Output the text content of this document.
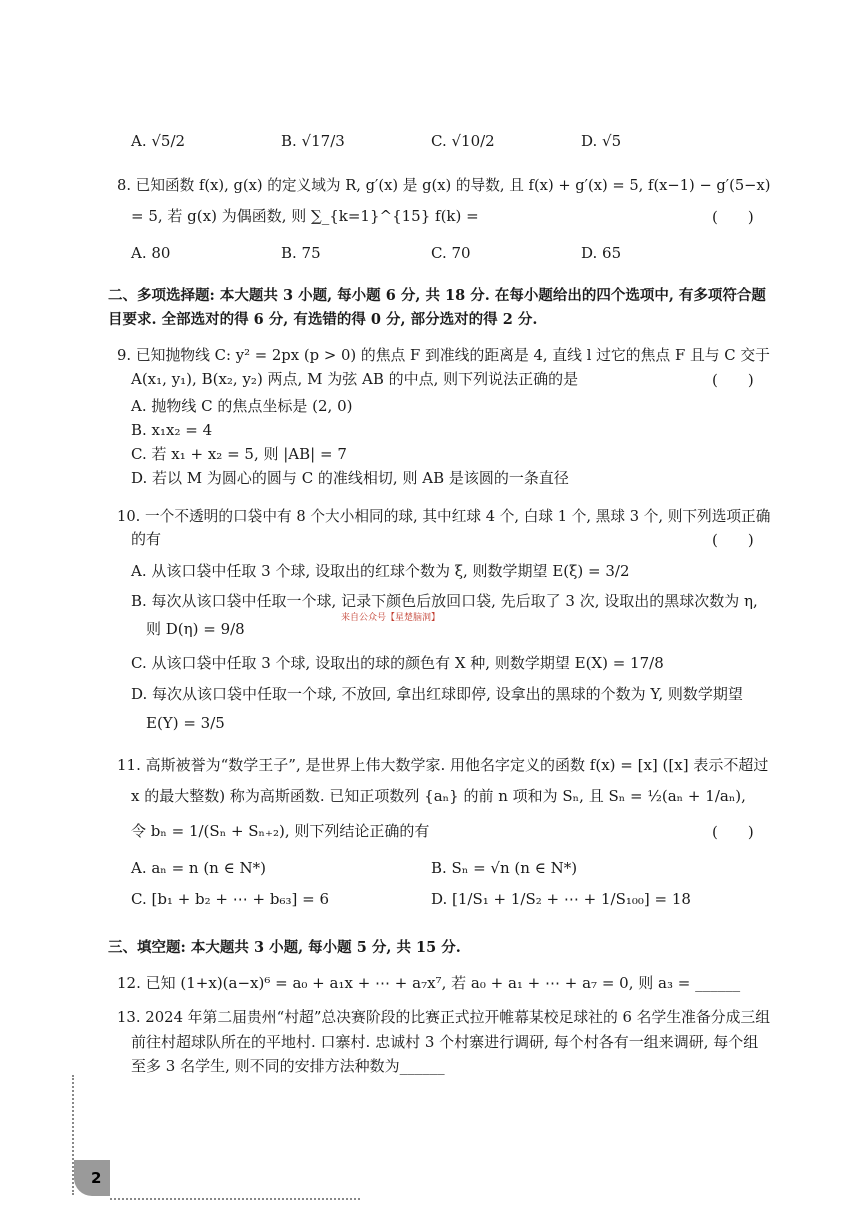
A. √5/2	B. √17/3	C. √10/2	D. √5
8. 已知函数 f(x), g(x) 的定义域为 R, g′(x) 是 g(x) 的导数, 且 f(x) + g′(x) = 5, f(x−1) − g′(5−x)
= 5, 若 g(x) 为偶函数, 则 ∑_{k=1}^{15} f(k) =	(　　)
A. 80	B. 75	C. 70	D. 65
二、多项选择题: 本大题共 3 小题, 每小题 6 分, 共 18 分. 在每小题给出的四个选项中, 有多项符合题
目要求. 全部选对的得 6 分, 有选错的得 0 分, 部分选对的得 2 分.
9. 已知抛物线 C: y² = 2px (p > 0) 的焦点 F 到准线的距离是 4, 直线 l 过它的焦点 F 且与 C 交于
A(x₁, y₁), B(x₂, y₂) 两点, M 为弦 AB 的中点, 则下列说法正确的是	(　　)
A. 抛物线 C 的焦点坐标是 (2, 0)
B. x₁x₂ = 4
C. 若 x₁ + x₂ = 5, 则 |AB| = 7
D. 若以 M 为圆心的圆与 C 的准线相切, 则 AB 是该圆的一条直径
10. 一个不透明的口袋中有 8 个大小相同的球, 其中红球 4 个, 白球 1 个, 黑球 3 个, 则下列选项正确
的有	(　　)
A. 从该口袋中任取 3 个球, 设取出的红球个数为 ξ, 则数学期望 E(ξ) = 3/2
B. 每次从该口袋中任取一个球, 记录下颜色后放回口袋, 先后取了 3 次, 设取出的黑球次数为 η,
则 D(η) = 9/8
来自公众号【星楚脑洞】
C. 从该口袋中任取 3 个球, 设取出的球的颜色有 X 种, 则数学期望 E(X) = 17/8
D. 每次从该口袋中任取一个球, 不放回, 拿出红球即停, 设拿出的黑球的个数为 Y, 则数学期望
E(Y) = 3/5
11. 高斯被誉为“数学王子”, 是世界上伟大数学家. 用他名字定义的函数 f(x) = [x] ([x] 表示不超过
x 的最大整数) 称为高斯函数. 已知正项数列 {aₙ} 的前 n 项和为 Sₙ, 且 Sₙ = ½(aₙ + 1/aₙ),
令 bₙ = 1/(Sₙ + Sₙ₊₂), 则下列结论正确的有	(　　)
A. aₙ = n (n ∈ N*)	B. Sₙ = √n (n ∈ N*)
C. [b₁ + b₂ + ⋯ + b₆₃] = 6	D. [1/S₁ + 1/S₂ + ⋯ + 1/S₁₀₀] = 18
三、填空题: 本大题共 3 小题, 每小题 5 分, 共 15 分.
12. 已知 (1+x)(a−x)⁶ = a₀ + a₁x + ⋯ + a₇x⁷, 若 a₀ + a₁ + ⋯ + a₇ = 0, 则 a₃ = ______
13. 2024 年第二届贵州“村超”总决赛阶段的比赛正式拉开帷幕某校足球社的 6 名学生准备分成三组
前往村超球队所在的平地村. 口寨村. 忠诚村 3 个村寨进行调研, 每个村各有一组来调研, 每个组
至多 3 名学生, 则不同的安排方法种数为______
2
